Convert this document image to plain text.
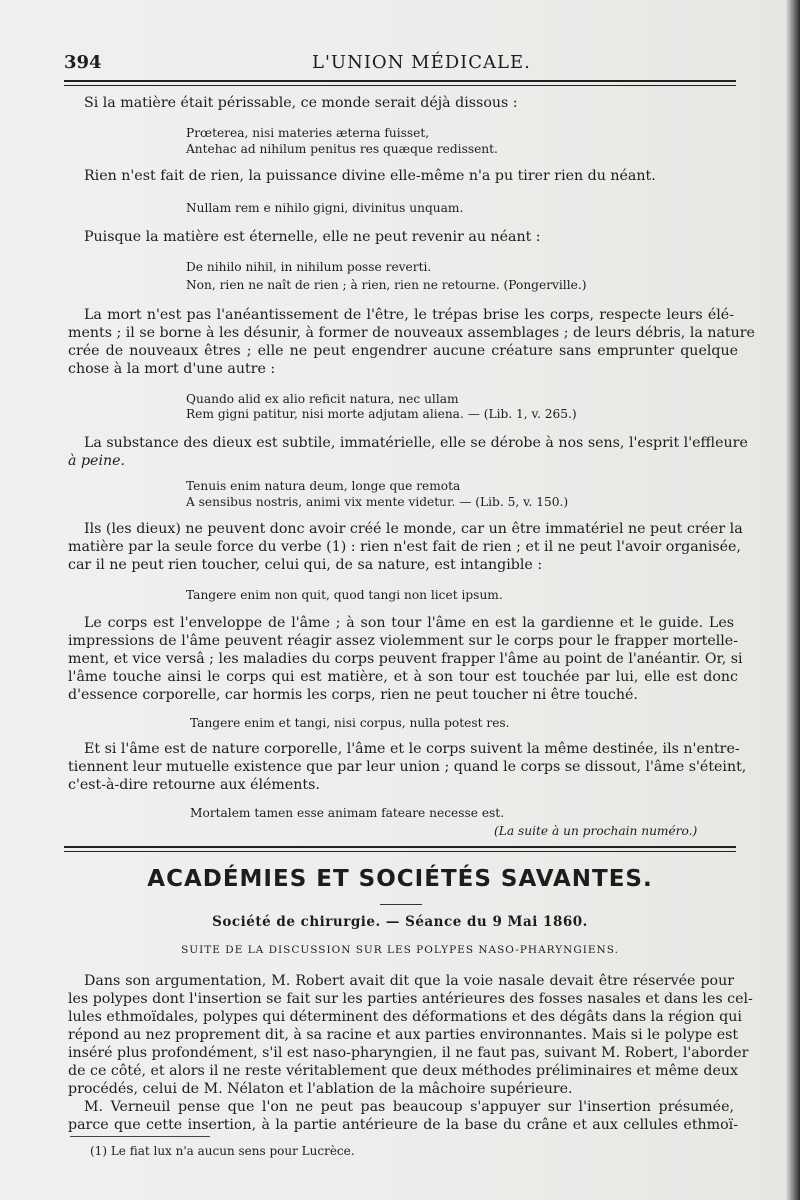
394	L'UNION MÉDICALE.
Si la matière était périssable, ce monde serait déjà dissous :
Prœterea, nisi materies æterna fuisset,
Antehac ad nihilum penitus res quæque redissent.
Rien n'est fait de rien, la puissance divine elle-même n'a pu tirer rien du néant.
Nullam rem e nihilo gigni, divinitus unquam.
Puisque la matière est éternelle, elle ne peut revenir au néant :
De nihilo nihil, in nihilum posse reverti.
Non, rien ne naît de rien ; à rien, rien ne retourne. (Pongerville.)
La mort n'est pas l'anéantissement de l'être, le trépas brise les corps, respecte leurs élé-
ments ; il se borne à les désunir, à former de nouveaux assemblages ; de leurs débris, la nature
crée de nouveaux êtres ; elle ne peut engendrer aucune créature sans emprunter quelque
chose à la mort d'une autre :
Quando alid ex alio reficit natura, nec ullam
Rem gigni patitur, nisi morte adjutam aliena. — (Lib. 1, v. 265.)
La substance des dieux est subtile, immatérielle, elle se dérobe à nos sens, l'esprit l'effleure
à peine.
Tenuis enim natura deum, longe que remota
A sensibus nostris, animi vix mente videtur. — (Lib. 5, v. 150.)
Ils (les dieux) ne peuvent donc avoir créé le monde, car un être immatériel ne peut créer la
matière par la seule force du verbe (1) : rien n'est fait de rien ; et il ne peut l'avoir organisée,
car il ne peut rien toucher, celui qui, de sa nature, est intangible :
Tangere enim non quit, quod tangi non licet ipsum.
Le corps est l'enveloppe de l'âme ; à son tour l'âme en est la gardienne et le guide. Les
impressions de l'âme peuvent réagir assez violemment sur le corps pour le frapper mortelle-
ment, et vice versâ ; les maladies du corps peuvent frapper l'âme au point de l'anéantir. Or, si
l'âme touche ainsi le corps qui est matière, et à son tour est touchée par lui, elle est donc
d'essence corporelle, car hormis les corps, rien ne peut toucher ni être touché.
Tangere enim et tangi, nisi corpus, nulla potest res.
Et si l'âme est de nature corporelle, l'âme et le corps suivent la même destinée, ils n'entre-
tiennent leur mutuelle existence que par leur union ; quand le corps se dissout, l'âme s'éteint,
c'est-à-dire retourne aux éléments.
Mortalem tamen esse animam fateare necesse est.
(La suite à un prochain numéro.)
ACADÉMIES ET SOCIÉTÉS SAVANTES.
Société de chirurgie. — Séance du 9 Mai 1860.
SUITE DE LA DISCUSSION SUR LES POLYPES NASO-PHARYNGIENS.
Dans son argumentation, M. Robert avait dit que la voie nasale devait être réservée pour
les polypes dont l'insertion se fait sur les parties antérieures des fosses nasales et dans les cel-
lules ethmoïdales, polypes qui déterminent des déformations et des dégâts dans la région qui
répond au nez proprement dit, à sa racine et aux parties environnantes. Mais si le polype est
inséré plus profondément, s'il est naso-pharyngien, il ne faut pas, suivant M. Robert, l'aborder
de ce côté, et alors il ne reste véritablement que deux méthodes préliminaires et même deux
procédés, celui de M. Nélaton et l'ablation de la mâchoire supérieure.
M. Verneuil pense que l'on ne peut pas beaucoup s'appuyer sur l'insertion présumée,
parce que cette insertion, à la partie antérieure de la base du crâne et aux cellules ethmoï-
(1) Le fiat lux n'a aucun sens pour Lucrèce.
